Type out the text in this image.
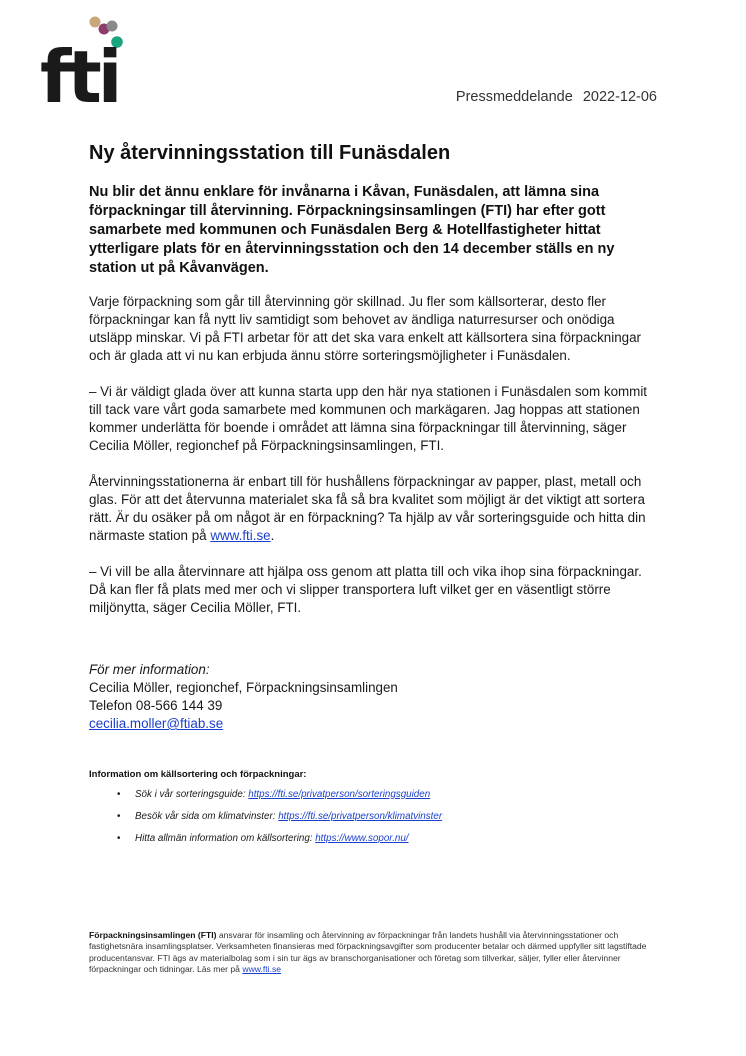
fti	Pressmeddelande 2022-12-06
Ny återvinningsstation till Funäsdalen

Nu blir det ännu enklare för invånarna i Kåvan, Funäsdalen, att lämna sina förpackningar till återvinning. Förpackningsinsamlingen (FTI) har efter gott samarbete med kommunen och Funäsdalen Berg & Hotellfastigheter hittat ytterligare plats för en återvinningsstation och den 14 december ställs en ny station ut på Kåvanvägen.

Varje förpackning som går till återvinning gör skillnad. Ju fler som källsorterar, desto fler förpackningar kan få nytt liv samtidigt som behovet av ändliga naturresurser och onödiga utsläpp minskar. Vi på FTI arbetar för att det ska vara enkelt att källsortera sina förpackningar och är glada att vi nu kan erbjuda ännu större sorteringsmöjligheter i Funäsdalen.

– Vi är väldigt glada över att kunna starta upp den här nya stationen i Funäsdalen som kommit till tack vare vårt goda samarbete med kommunen och markägaren. Jag hoppas att stationen kommer underlätta för boende i området att lämna sina förpackningar till återvinning, säger Cecilia Möller, regionchef på Förpackningsinsamlingen, FTI.

Återvinningsstationerna är enbart till för hushållens förpackningar av papper, plast, metall och glas. För att det återvunna materialet ska få så bra kvalitet som möjligt är det viktigt att sortera rätt. Är du osäker på om något är en förpackning? Ta hjälp av vår sorteringsguide och hitta din närmaste station på www.fti.se.

– Vi vill be alla återvinnare att hjälpa oss genom att platta till och vika ihop sina förpackningar. Då kan fler få plats med mer och vi slipper transportera luft vilket ger en väsentligt större miljönytta, säger Cecilia Möller, FTI.

För mer information:
Cecilia Möller, regionchef, Förpackningsinsamlingen
Telefon 08-566 144 39
cecilia.moller@ftiab.se

Information om källsortering och förpackningar:

• Sök i vår sorteringsguide: https://fti.se/privatperson/sorteringsguiden
• Besök vår sida om klimatvinster: https://fti.se/privatperson/klimatvinster
• Hitta allmän information om källsortering: https://www.sopor.nu/
Förpackningsinsamlingen (FTI) ansvarar för insamling och återvinning av förpackningar från landets hushåll via återvinningsstationer och fastighetsnära insamlingsplatser. Verksamheten finansieras med förpackningsavgifter som producenter betalar och därmed uppfyller sitt lagstiftade producentansvar. FTI ägs av materialbolag som i sin tur ägs av branschorganisationer och företag som tillverkar, säljer, fyller eller återvinner förpackningar och tidningar. Läs mer på www.fti.se
